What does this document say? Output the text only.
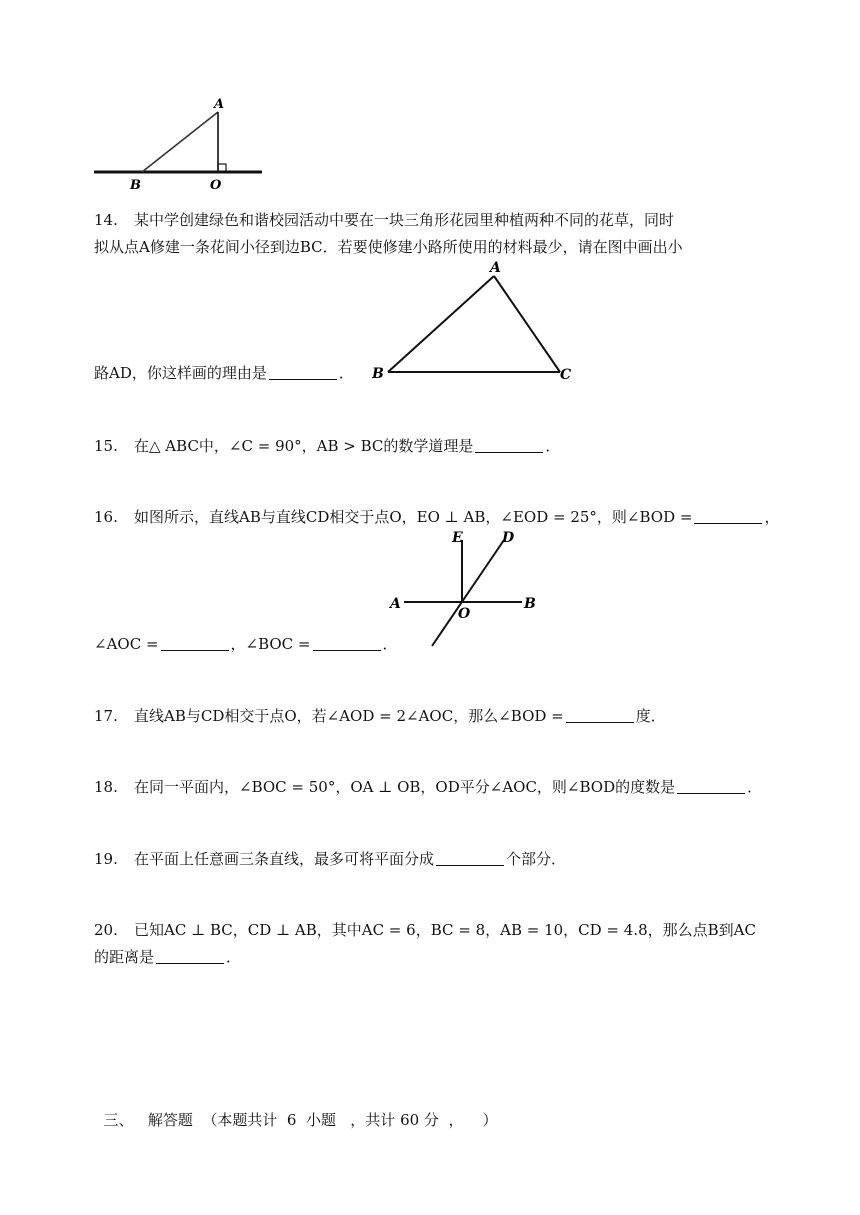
A
B	O
14. 某中学创建绿色和谐校园活动中要在一块三角形花园里种植两种不同的花草，同时
拟从点A修建一条花间小径到边BC．若要使修建小路所使用的材料最少，请在图中画出小
路AD，你这样画的理由是	．
A
B	C
15. 在△ ABC中，∠C = 90°，AB > BC的数学道理是	．
16. 如图所示，直线AB与直线CD相交于点O，EO ⊥ AB，∠EOD = 25°，则∠BOD =	，
E	D
A	B
O
∠AOC =	，∠BOC =	．
17. 直线AB与CD相交于点O，若∠AOD = 2∠AOC，那么∠BOD =	度．
18. 在同一平面内，∠BOC = 50°，OA ⊥ OB，OD平分∠AOC，则∠BOD的度数是	．
19. 在平面上任意画三条直线，最多可将平面分成	个部分．
20. 已知AC ⊥ BC，CD ⊥ AB，其中AC = 6，BC = 8，AB = 10，CD = 4.8，那么点B到AC
的距离是	．

三、   解答题  （本题共计  6  小题   ，共计 60 分  ，    ）
